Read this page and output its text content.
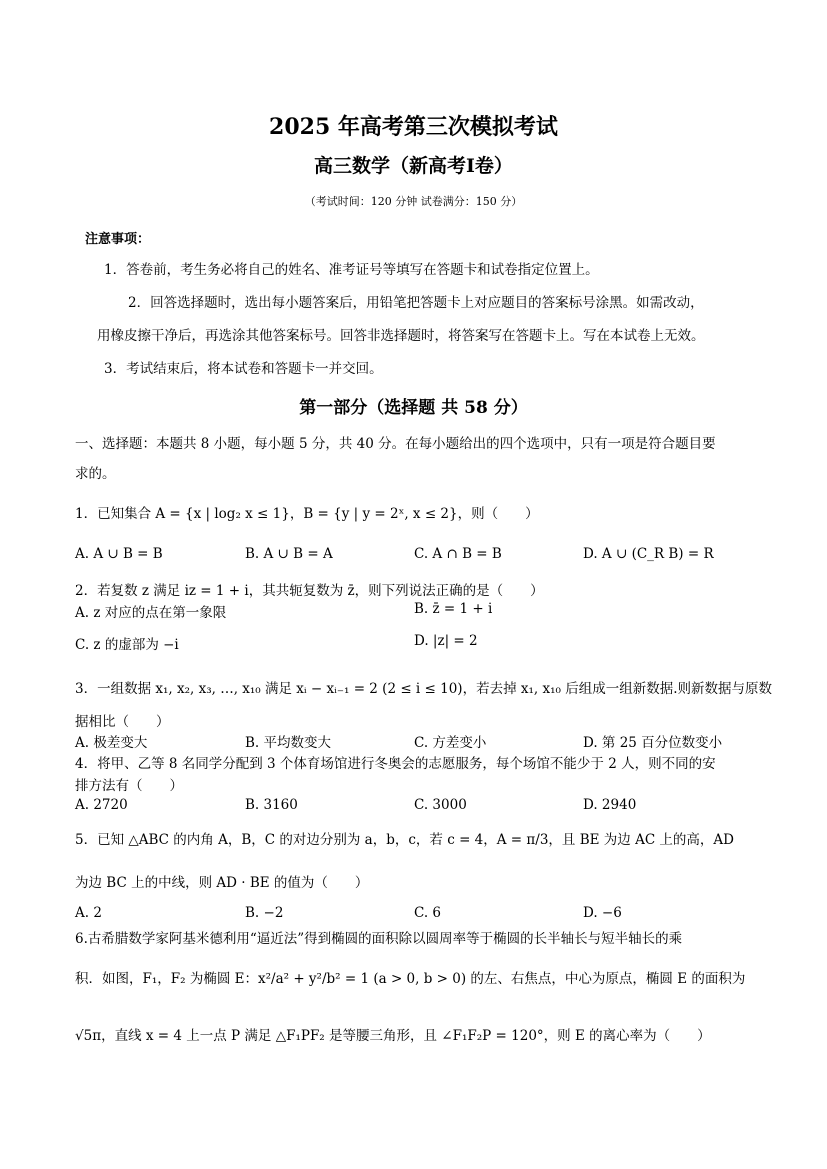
2025 年高考第三次模拟考试
高三数学（新高考Ⅰ卷）
（考试时间：120 分钟 试卷满分：150 分）
注意事项：
1．答卷前，考生务必将自己的姓名、准考证号等填写在答题卡和试卷指定位置上。
2．回答选择题时，选出每小题答案后，用铅笔把答题卡上对应题目的答案标号涂黑。如需改动，
用橡皮擦干净后，再选涂其他答案标号。回答非选择题时，将答案写在答题卡上。写在本试卷上无效。
3．考试结束后，将本试卷和答题卡一并交回。
第一部分（选择题 共 58 分）
一、选择题：本题共 8 小题，每小题 5 分，共 40 分。在每小题给出的四个选项中，只有一项是符合题目要
求的。
1．已知集合 A = {x | log₂ x ≤ 1}，B = {y | y = 2ˣ, x ≤ 2}，则（　　）
A. A ∪ B = B	B. A ∪ B = A	C. A ∩ B = B	D. A ∪ (C_R B) = R
2．若复数 z 满足 iz = 1 + i，其共轭复数为 z̄，则下列说法正确的是（　　）
A. z 对应的点在第一象限	B. z̄ = 1 + i
C. z 的虚部为 −i	D. |z| = 2
3．一组数据 x₁, x₂, x₃, …, x₁₀ 满足 xᵢ − xᵢ₋₁ = 2 (2 ≤ i ≤ 10)，若去掉 x₁, x₁₀ 后组成一组新数据.则新数据与原数
据相比（　　）
A. 极差变大	B. 平均数变大	C. 方差变小	D. 第 25 百分位数变小
4．将甲、乙等 8 名同学分配到 3 个体育场馆进行冬奥会的志愿服务，每个场馆不能少于 2 人，则不同的安
排方法有（　　）
A. 2720	B. 3160	C. 3000	D. 2940
5．已知 △ABC 的内角 A，B，C 的对边分别为 a，b，c，若 c = 4，A = π/3，且 BE 为边 AC 上的高，AD
为边 BC 上的中线，则 AD · BE 的值为（　　）
A. 2	B. −2	C. 6	D. −6
6.古希腊数学家阿基米德利用“逼近法”得到椭圆的面积除以圆周率等于椭圆的长半轴长与短半轴长的乘
积．如图，F₁，F₂ 为椭圆 E：x²/a² + y²/b² = 1 (a > 0, b > 0) 的左、右焦点，中心为原点，椭圆 E 的面积为
√5π，直线 x = 4 上一点 P 满足 △F₁PF₂ 是等腰三角形，且 ∠F₁F₂P = 120°，则 E 的离心率为（　　）
